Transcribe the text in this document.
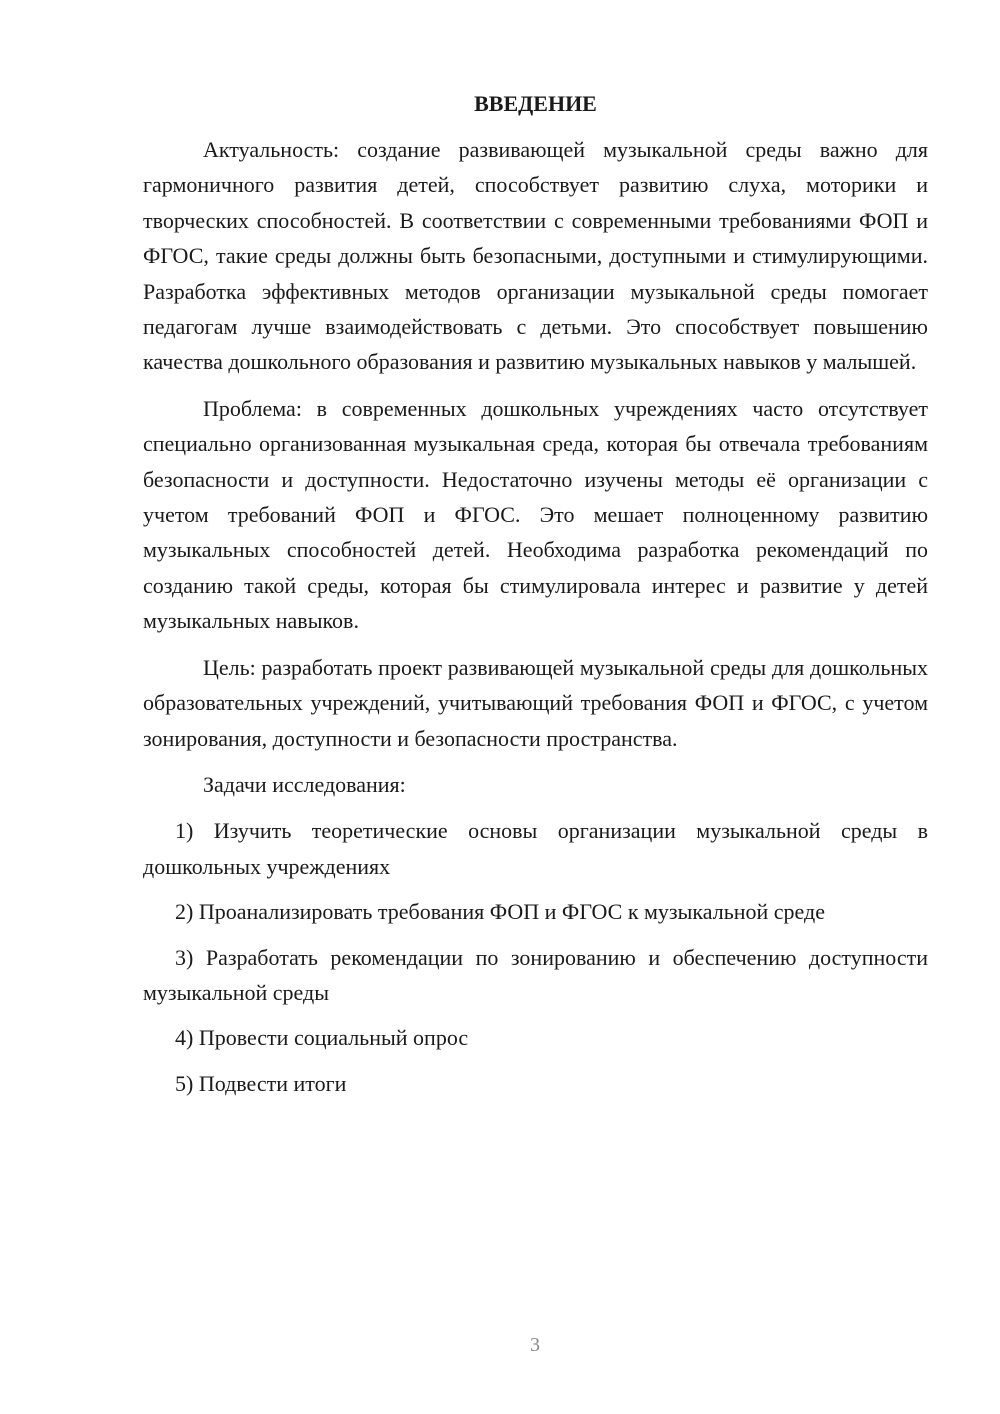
ВВЕДЕНИЕ

Актуальность: создание развивающей музыкальной среды важно для гармоничного развития детей, способствует развитию слуха, моторики и творческих способностей. В соответствии с современными требованиями ФОП и ФГОС, такие среды должны быть безопасными, доступными и стимулирующими. Разработка эффективных методов организации музыкальной среды помогает педагогам лучше взаимодействовать с детьми. Это способствует повышению качества дошкольного образования и развитию музыкальных навыков у малышей.

Проблема: в современных дошкольных учреждениях часто отсутствует специально организованная музыкальная среда, которая бы отвечала требованиям безопасности и доступности. Недостаточно изучены методы её организации с учетом требований ФОП и ФГОС. Это мешает полноценному развитию музыкальных способностей детей. Необходима разработка рекомендаций по созданию такой среды, которая бы стимулировала интерес и развитие у детей музыкальных навыков.

Цель: разработать проект развивающей музыкальной среды для дошкольных образовательных учреждений, учитывающий требования ФОП и ФГОС, с учетом зонирования, доступности и безопасности пространства.

Задачи исследования:

1) Изучить теоретические основы организации музыкальной среды в дошкольных учреждениях

2) Проанализировать требования ФОП и ФГОС к музыкальной среде

3) Разработать рекомендации по зонированию и обеспечению доступности музыкальной среды

4) Провести социальный опрос

5) Подвести итоги

3
